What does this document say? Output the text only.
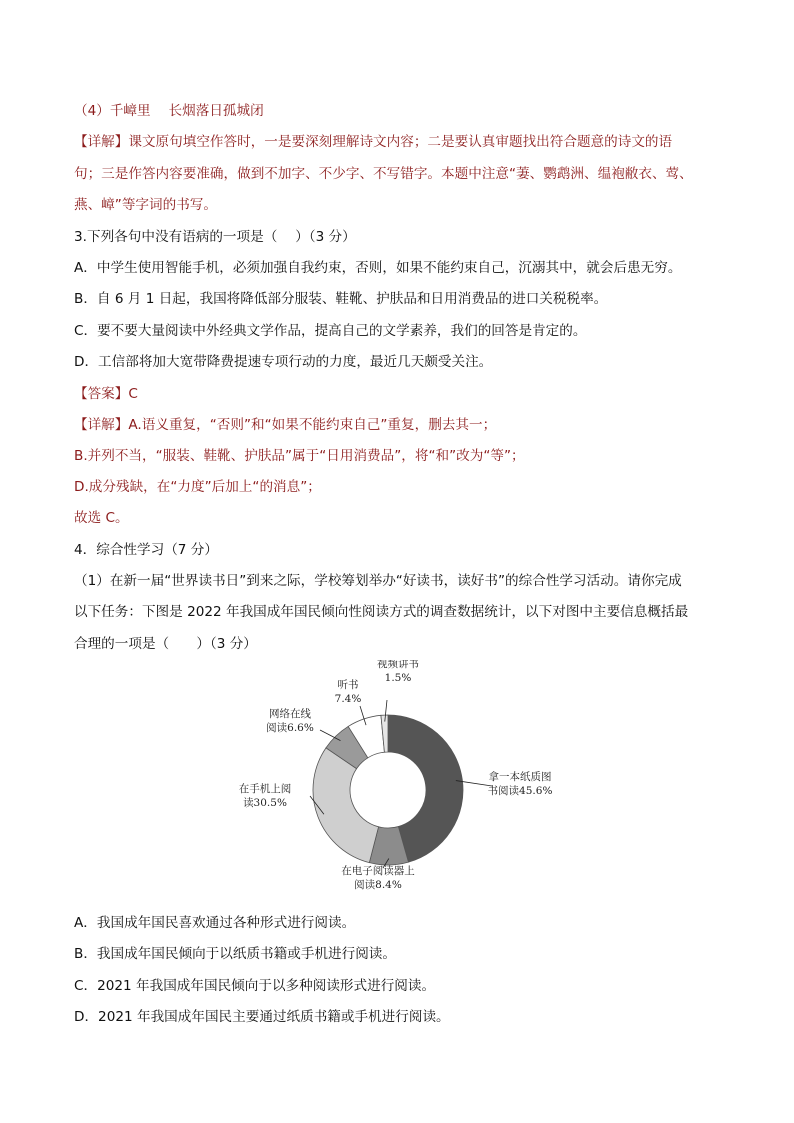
（4）千嶂里　 长烟落日孤城闭
【详解】课文原句填空作答时，一是要深刻理解诗文内容；二是要认真审题找出符合题意的诗文的语
句；三是作答内容要准确，做到不加字、不少字、不写错字。本题中注意“萋、鹦鹉洲、缊袍敝衣、莺、
燕、嶂”等字词的书写。
3.下列各句中没有语病的一项是（　 ）（3 分）
A．中学生使用智能手机，必须加强自我约束，否则，如果不能约束自己，沉溺其中，就会后患无穷。
B．自 6 月 1 日起，我国将降低部分服装、鞋靴、护肤品和日用消费品的进口关税税率。
C．要不要大量阅读中外经典文学作品，提高自己的文学素养，我们的回答是肯定的。
D．工信部将加大宽带降费提速专项行动的力度，最近几天颇受关注。
【答案】C
【详解】A.语义重复，“否则”和“如果不能约束自己”重复，删去其一；
B.并列不当，“服装、鞋靴、护肤品”属于“日用消费品”，将“和”改为“等”；
D.成分残缺，在“力度”后加上“的消息”；
故选 C。
4．综合性学习（7 分）
（1）在新一届“世界读书日”到来之际，学校筹划举办“好读书，读好书”的综合性学习活动。请你完成
以下任务：下图是 2022 年我国成年国民倾向性阅读方式的调查数据统计，以下对图中主要信息概括最
合理的一项是（　　）（3 分）
拿一本纸质图
书阅读45.6%
在电子阅读器上
阅读8.4%
在手机上阅
读30.5%
网络在线
阅读6.6%
听书
7.4%
视频讲书
1.5%
A．我国成年国民喜欢通过各种形式进行阅读。
B．我国成年国民倾向于以纸质书籍或手机进行阅读。
C．2021 年我国成年国民倾向于以多种阅读形式进行阅读。
D．2021 年我国成年国民主要通过纸质书籍或手机进行阅读。
